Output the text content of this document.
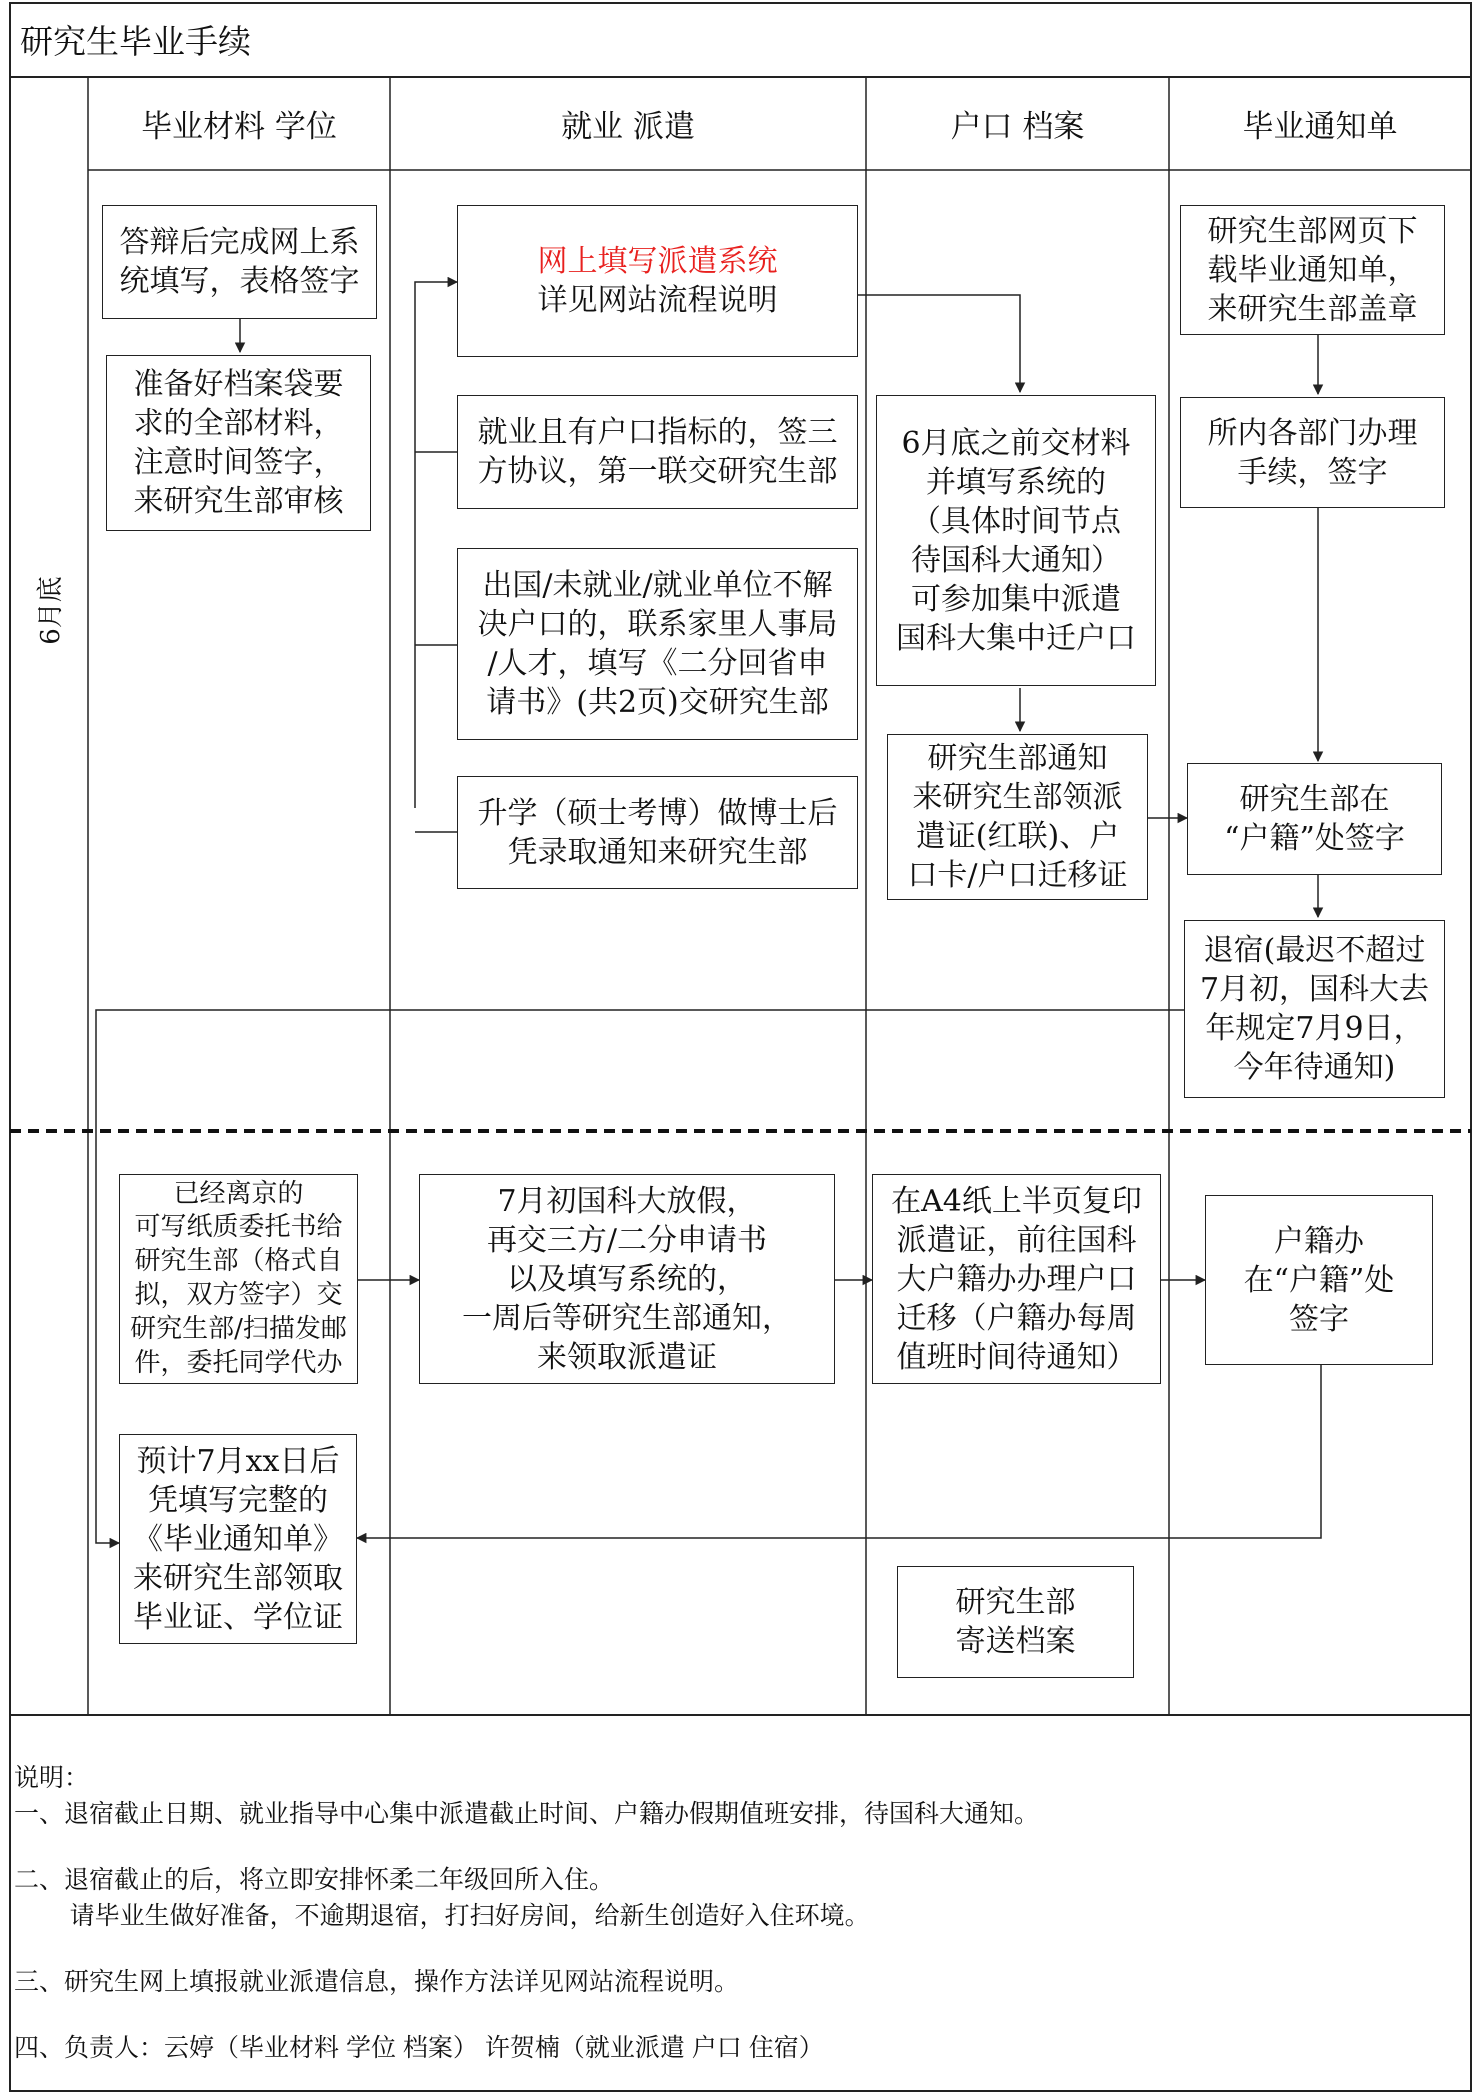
研究生毕业手续
毕业材料 学位	就业 派遣	户口 档案	毕业通知单
6月底
答辩后完成网上系
统填写，表格签字
准备好档案袋要
求的全部材料，
注意时间签字，
来研究生部审核
网上填写派遣系统
详见网站流程说明
就业且有户口指标的，签三
方协议，第一联交研究生部
出国/未就业/就业单位不解
决户口的，联系家里人事局
/人才，填写《二分回省申
请书》(共2页)交研究生部
升学（硕士考博）做博士后
凭录取通知来研究生部
6月底之前交材料
并填写系统的
（具体时间节点
待国科大通知）
可参加集中派遣
国科大集中迁户口
研究生部通知
来研究生部领派
遣证(红联)、户
口卡/户口迁移证
研究生部网页下
载毕业通知单，
来研究生部盖章
所内各部门办理
手续，签字
研究生部在
“户籍”处签字
退宿(最迟不超过
7月初，国科大去
年规定7月9日，
今年待通知)
已经离京的
可写纸质委托书给
研究生部（格式自
拟，双方签字）交
研究生部/扫描发邮
件，委托同学代办
7月初国科大放假，
再交三方/二分申请书
以及填写系统的，
一周后等研究生部通知，
来领取派遣证
在A4纸上半页复印
派遣证，前往国科
大户籍办办理户口
迁移（户籍办每周
值班时间待通知）
户籍办
在“户籍”处
签字
预计7月xx日后
凭填写完整的
《毕业通知单》
来研究生部领取
毕业证、学位证	研究生部
寄送档案
说明：
一、退宿截止日期、就业指导中心集中派遣截止时间、户籍办假期值班安排，待国科大通知。
二、退宿截止的后，将立即安排怀柔二年级回所入住。
请毕业生做好准备，不逾期退宿，打扫好房间，给新生创造好入住环境。
三、研究生网上填报就业派遣信息，操作方法详见网站流程说明。
四、负责人：云婷（毕业材料 学位 档案） 许贺楠（就业派遣 户口 住宿）
